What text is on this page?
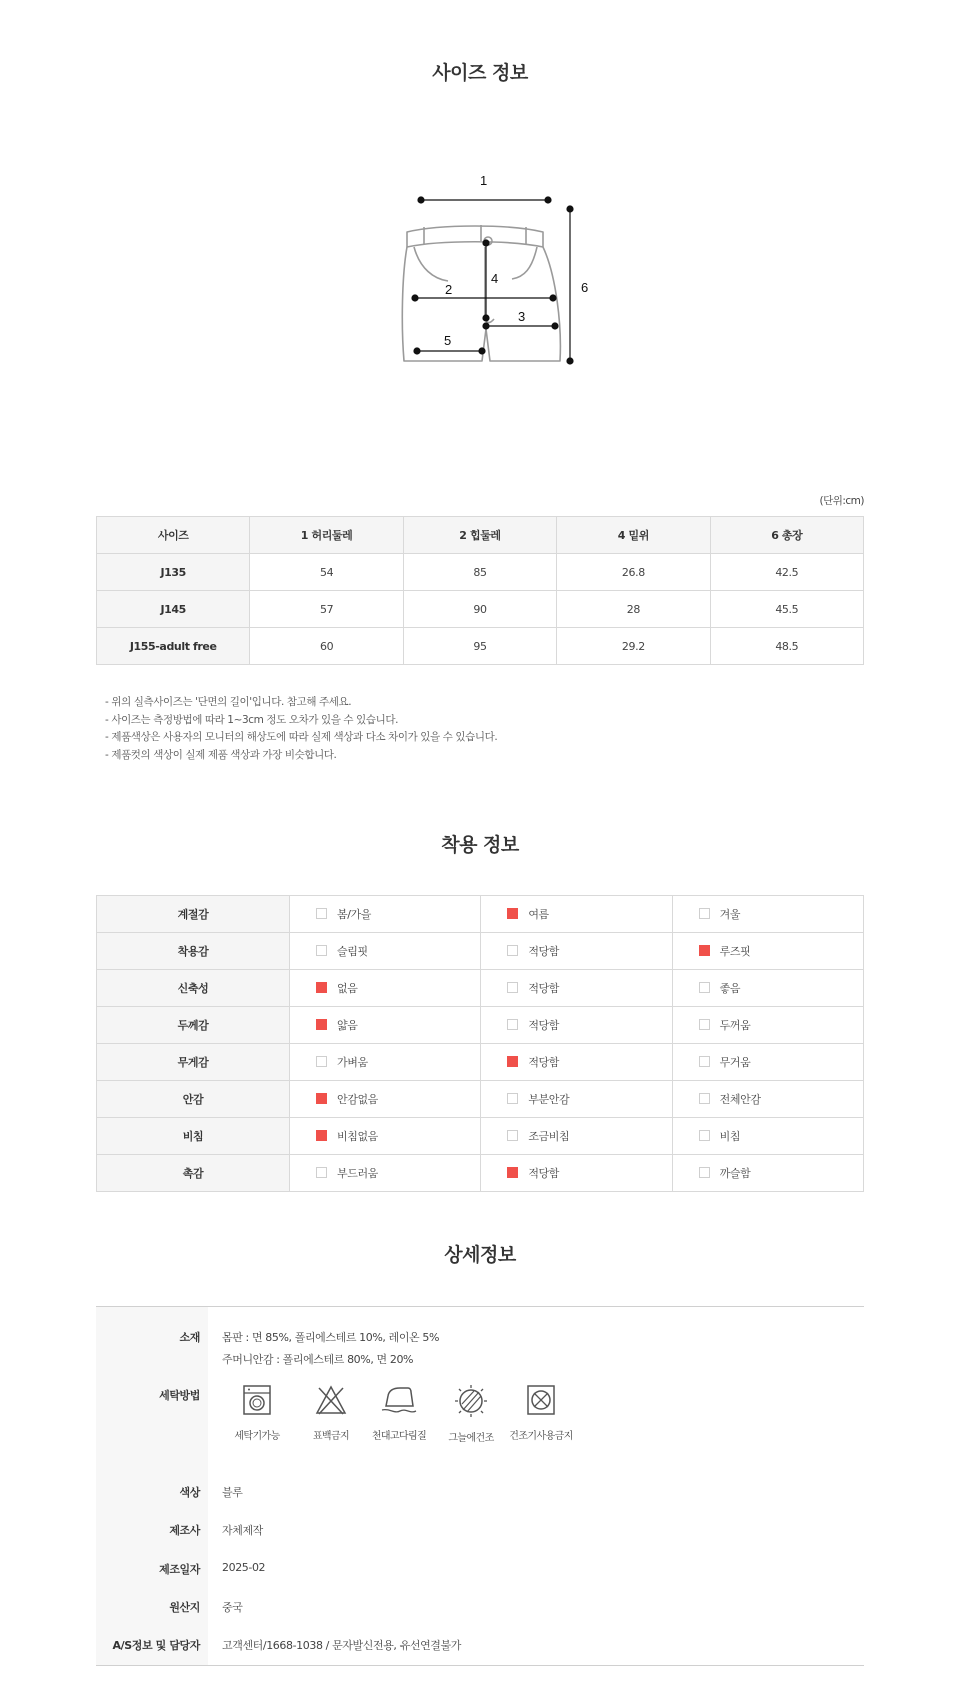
사이즈 정보
1
2
3
4
5
6
(단위:cm)
사이즈	1 허리둘레	2 힙둘레	4 밑위	6 총장
J135	54	85	26.8	42.5
J145	57	90	28	45.5
J155-adult free	60	95	29.2	48.5
- 위의 실측사이즈는 '단면의 길이'입니다. 참고해 주세요.
- 사이즈는 측정방법에 따라 1~3cm 정도 오차가 있을 수 있습니다.
- 제품색상은 사용자의 모니터의 해상도에 따라 실제 색상과 다소 차이가 있을 수 있습니다.
- 제품컷의 색상이 실제 제품 색상과 가장 비슷합니다.
착용 정보
계절감	봄/가을	여름	겨울
착용감	슬림핏	적당함	루즈핏
신축성	없음	적당함	좋음
두께감	얇음	적당함	두꺼움
무게감	가벼움	적당함	무거움
안감	안감없음	부분안감	전체안감
비침	비침없음	조금비침	비침
촉감	부드러움	적당함	까슬함
상세정보
소재 몸판 : 면 85%, 폴리에스테르 10%, 레이온 5%
주머니안감 : 폴리에스테르 80%, 면 20%
세탁방법
세탁기가능	표백금지	천대고다림질	그늘에건조	건조기사용금지
색상 블루
제조사 자체제작
제조일자 2025-02
원산지 중국
A/S정보 및 담당자 고객센터/1668-1038 / 문자발신전용, 유선연결불가
